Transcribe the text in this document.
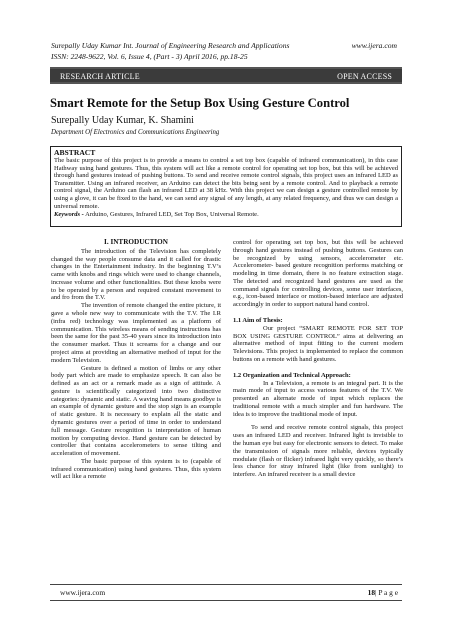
Surepally Uday Kumar Int. Journal of Engineering Research and Applications
ISSN: 2248-9622, Vol. 6, Issue 4, (Part - 3) April 2016, pp.18-25
www.ijera.com
RESEARCH ARTICLE	OPEN ACCESS
Smart Remote for the Setup Box Using Gesture Control
Surepally Uday Kumar, K. Shamini
Department Of Electronics and Communications Engineering
ABSTRACT
The basic purpose of this project is to provide a means to control a set top box (capable of infrared communication), in this case Hathway using hand gestures. Thus, this system will act like a remote control for operating set top box, but this will be achieved through hand gestures instead of pushing buttons. To send and receive remote control signals, this project uses an infrared LED as Transmitter. Using an infrared receiver, an Arduino can detect the bits being sent by a remote control. And to playback a remote control signal, the Arduino can flash an infrared LED at 38 kHz. With this project we can design a gesture controlled remote by using a glove, it can be fixed to the hand, we can send any signal of any length, at any related frequency, and thus we can design a universal remote.
Keywords - Arduino, Gestures, Infrared LED, Set Top Box, Universal Remote.
I. INTRODUCTION

The introduction of the Television has completely changed the way people consume data and it called for drastic changes in the Entertainment industry. In the beginning T.V’s came with knobs and rings which were used to change channels, increase volume and other functionalities. But these knobs were to be operated by a person and required constant movement to and fro from the T.V.

The invention of remote changed the entire picture, it gave a whole new way to communicate with the T.V. The I.R (infra red) technology was implemented as a platform of communication. This wireless means of sending instructions has been the same for the past 35-40 years since its introduction into the consumer market. Thus it screams for a change and our project aims at providing an alternative method of input for the modern Television.

Gesture is defined a motion of limbs or any other body part which are made to emphasize speech. It can also be defined as an act or a remark made as a sign of attitude. A gesture is scientifically categorized into two distinctive categories: dynamic and static. A waving hand means goodbye is an example of dynamic gesture and the stop sign is an example of static gesture. It is necessary to explain all the static and dynamic gestures over a period of time in order to understand full message. Gesture recognition is interpretation of human motion by computing device. Hand gesture can be detected by controller that contains accelerometers to sense tilting and acceleration of movement.

The basic purpose of this system is to (capable of infrared communication) using hand gestures. Thus, this system will act like a remote

control for operating set top box, but this will be achieved through hand gestures instead of pushing buttons. Gestures can be recognized by using sensors, accelerometer etc. Accelerometer- based gesture recognition performs matching or modeling in time domain, there is no feature extraction stage. The detected and recognized hand gestures are used as the command signals for controlling devices, some user interfaces, e.g., icon-based interface or motion-based interface are adjusted accordingly in order to support natural hand control.

1.1 Aim of Thesis:

Our project “SMART REMOTE FOR SET TOP BOX USING GESTURE CONTROL” aims at delivering an alternative method of input fitting to the current modern Televisions. This project is implemented to replace the common buttons on a remote with hand gestures.

1.2 Organization and Technical Approach:

In a Television, a remote is an integral part. It is the main mode of input to access various features of the T.V. We presented an alternate mode of input which replaces the traditional remote with a much simpler and fun hardware. The idea is to improve the traditional mode of input.

To send and receive remote control signals, this project uses an infrared LED and receiver. Infrared light is invisible to the human eye but easy for electronic sensors to detect. To make the transmission of signals more reliable, devices typically modulate (flash or flicker) infrared light very quickly, so there’s less chance for stray infrared light (like from sunlight) to interfere. An infrared receiver is a small device

www.ijera.com	18| P a g e
